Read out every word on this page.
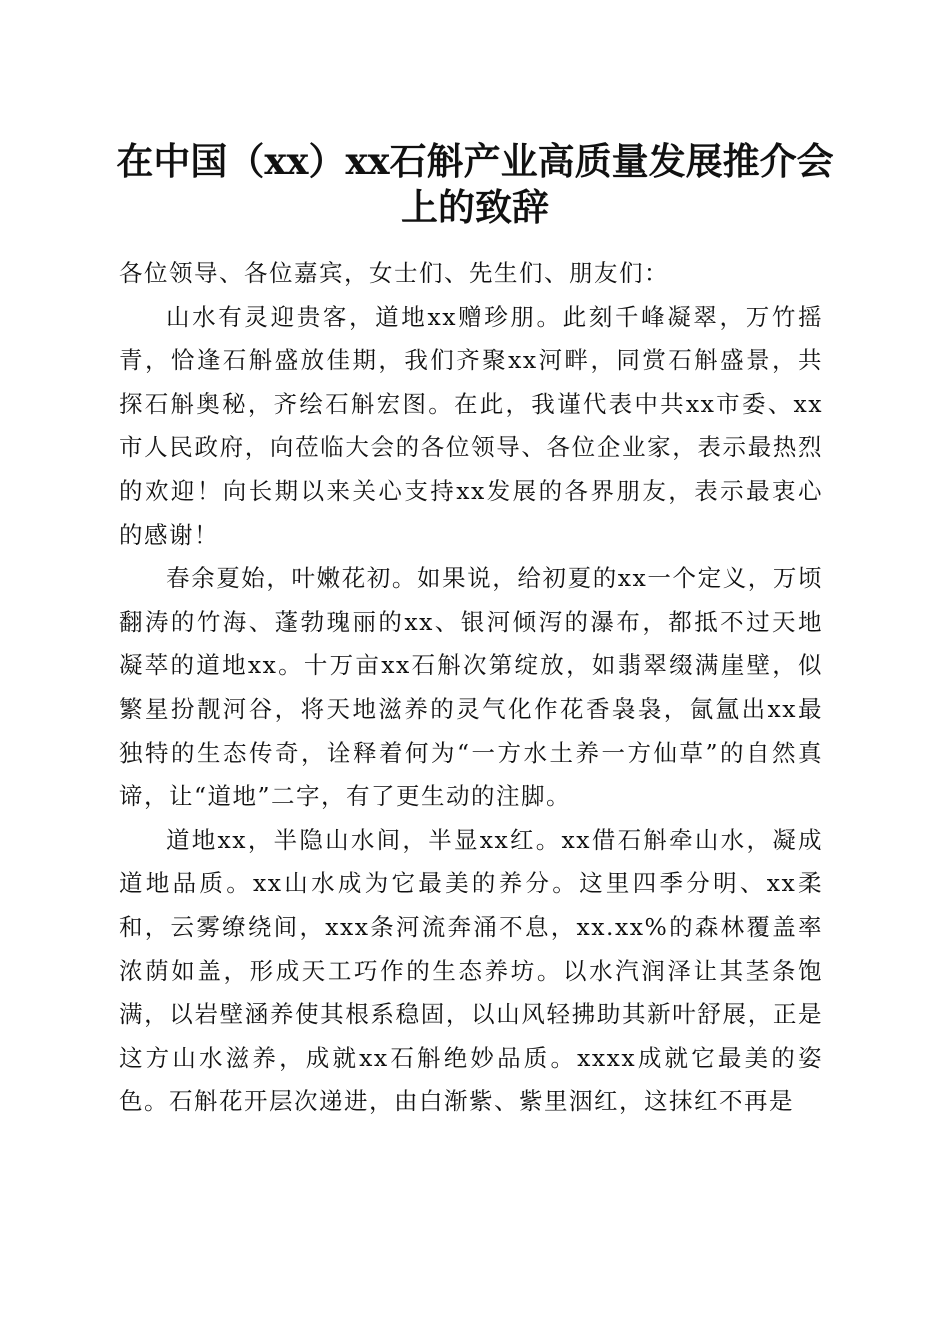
在中国（xx）xx石斛产业高质量发展推介会
上的致辞

各位领导、各位嘉宾，女士们、先生们、朋友们：

山水有灵迎贵客，道地xx赠珍朋。此刻千峰凝翠，万竹摇青，恰逢石斛盛放佳期，我们齐聚xx河畔，同赏石斛盛景，共探石斛奥秘，齐绘石斛宏图。在此，我谨代表中共xx市委、xx市人民政府，向莅临大会的各位领导、各位企业家，表示最热烈的欢迎！向长期以来关心支持xx发展的各界朋友，表示最衷心的感谢！

春余夏始，叶嫩花初。如果说，给初夏的xx一个定义，万顷翻涛的竹海、蓬勃瑰丽的xx、银河倾泻的瀑布，都抵不过天地凝萃的道地xx。十万亩xx石斛次第绽放，如翡翠缀满崖壁，似繁星扮靓河谷，将天地滋养的灵气化作花香袅袅，氤氲出xx最独特的生态传奇，诠释着何为“一方水土养一方仙草”的自然真谛，让“道地”二字，有了更生动的注脚。

道地xx，半隐山水间，半显xx红。xx借石斛牵山水，凝成道地品质。xx山水成为它最美的养分。这里四季分明、xx柔和，云雾缭绕间，xxx条河流奔涌不息，xx.xx%的森林覆盖率浓荫如盖，形成天工巧作的生态养坊。以水汽润泽让其茎条饱满，以岩壁涵养使其根系稳固，以山风轻拂助其新叶舒展，正是这方山水滋养，成就xx石斛绝妙品质。xxxx成就它最美的姿色。石斛花开层次递进，由白渐紫、紫里洇红，这抹红不再是
